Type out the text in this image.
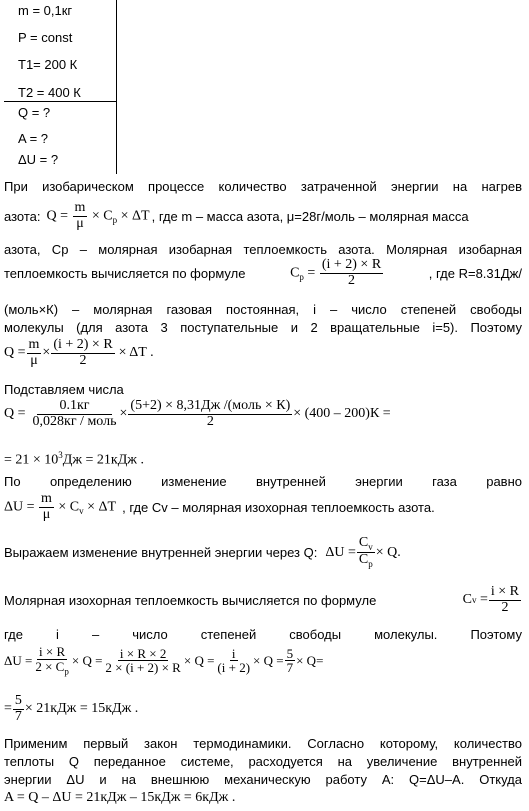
m = 0,1кг
P = const
T1= 200 К
T2 = 400 К
Q = ?
A = ?
ΔU = ?
При изобарическом процессе количество затраченной энергии на нагрев
азота: $Q = \frac{m}{\mu} \times C_p \times \Delta T$ , где m – масса азота, μ=28г/моль – молярная масса
азота, Ср – молярная изобарная теплоемкость азота. Молярная изобарная
теплоемкость вычисляется по формуле	$C_p = \frac{(i + 2) \times R}{2}$	, где R=8.31Дж/
(моль×К) – молярная газовая постоянная, i – число степеней свободы
молекулы (для азота 3 поступательные и 2 вращательные i=5). Поэтому
$Q = \frac{m}{\mu} \times \frac{(i + 2) \times R}{2} \times \Delta T$ .
Подставляем числа
$Q = \frac{0.1кг}{\text{0,028кг / моль}} \times \frac{\text{(5+2) × 8,31Дж /(моль × К)}}{2} \times (400 - 200)К$ =
= $21 \times 10^3Дж = 21кДж$ .
По определению изменение внутренней энергии газа равно
$\Delta U = \frac{m}{\mu} \times C_v \times \Delta T$ , где Сv – молярная изохорная теплоемкость азота.
Выражаем изменение внутренней энергии через Q: $\Delta U = \frac{C_v}{C_p} \times Q$.
Молярная изохорная теплоемкость вычисляется по формуле	C $v = \frac{i \times R}{2}$
где i – число степеней свободы молекулы. Поэтому
$\Delta U = \frac{i \times R}{2 \times C_p} \times Q = \frac{i \times R \times 2}{2 \times (i + 2) \times R} \times Q = \frac{i}{(i + 2)} \times Q = \frac{5}{7} \times Q=$
= $\frac{5}{7} \times 21кДж = 15кДж$ .
Применим первый закон термодинамики. Согласно которому, количество
теплоты Q переданное системе, расходуется на увеличение внутренней
энергии ΔU и на внешнюю механическую работу А: Q=ΔU–A. Откуда
A = Q – ΔU = 21кДж – 15кДж = 6кДж .
